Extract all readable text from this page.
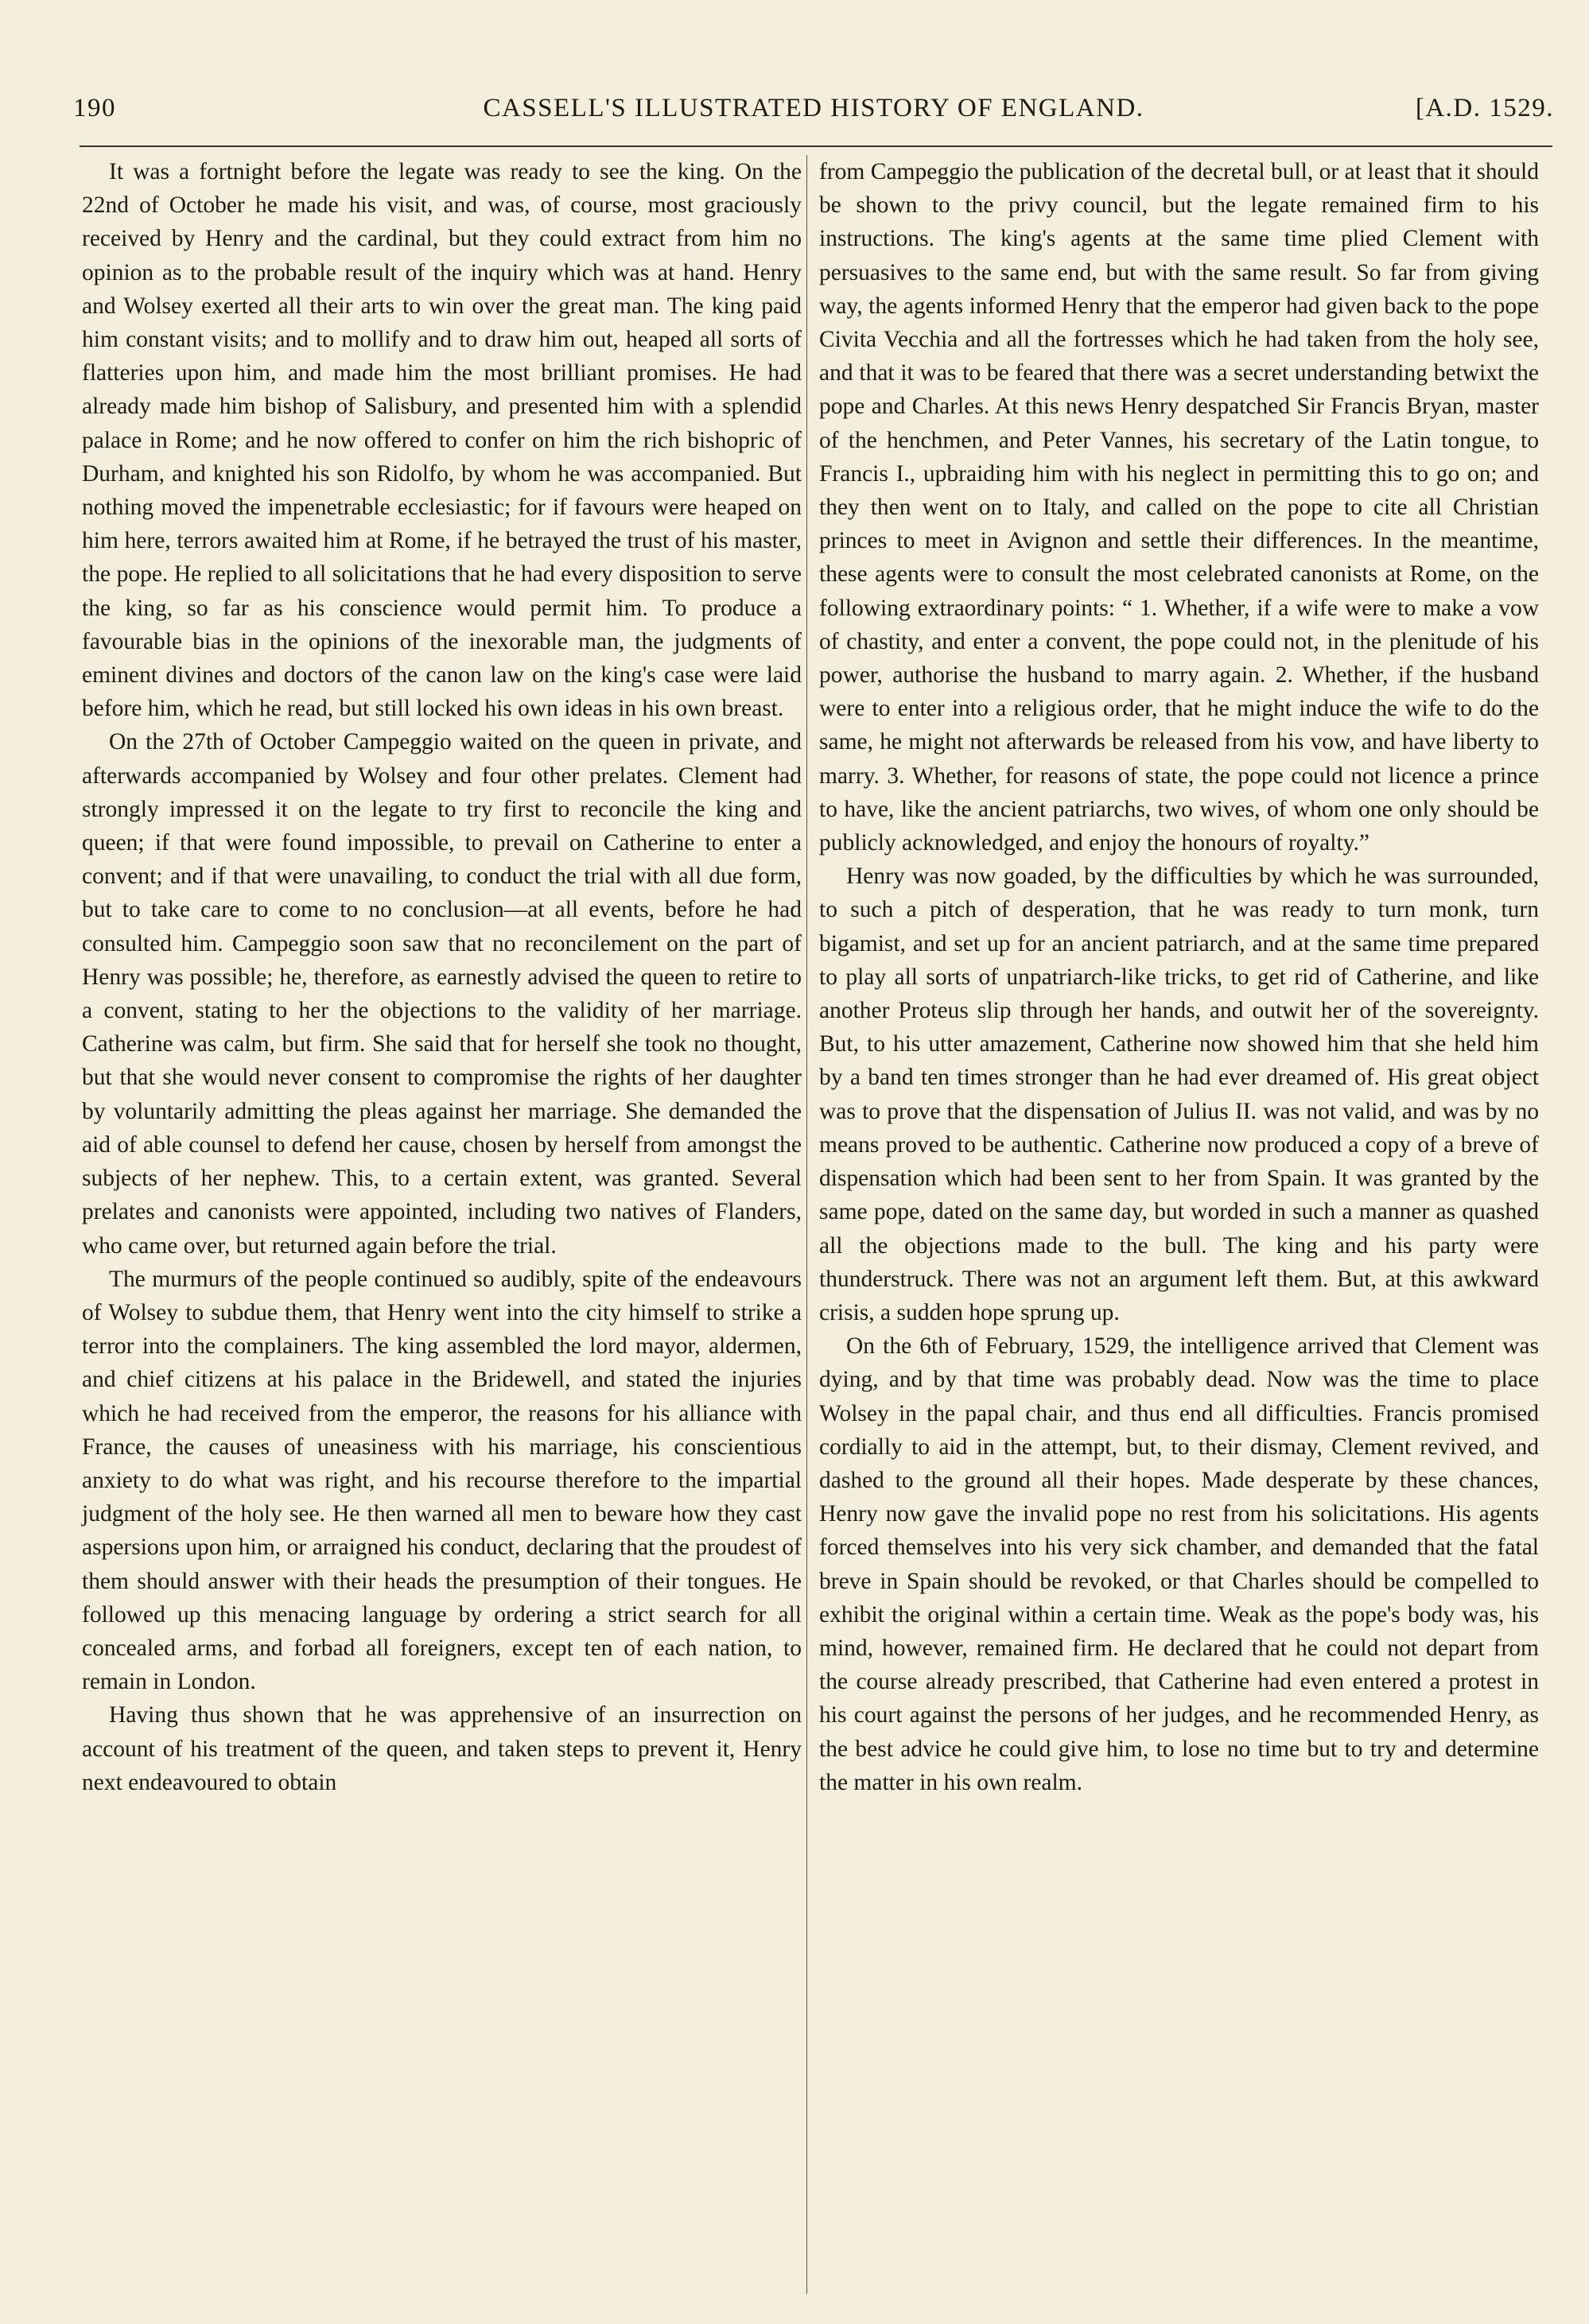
190	CASSELL'S ILLUSTRATED HISTORY OF ENGLAND.	[A.D. 1529.

It was a fortnight before the legate was ready to see the king. On the 22nd of October he made his visit, and was, of course, most graciously received by Henry and the cardinal, but they could extract from him no opinion as to the probable result of the inquiry which was at hand. Henry and Wolsey exerted all their arts to win over the great man. The king paid him constant visits; and to mollify and to draw him out, heaped all sorts of flatteries upon him, and made him the most brilliant promises. He had already made him bishop of Salisbury, and presented him with a splendid palace in Rome; and he now offered to confer on him the rich bishopric of Durham, and knighted his son Ridolfo, by whom he was accompanied. But nothing moved the impenetrable ecclesiastic; for if favours were heaped on him here, terrors awaited him at Rome, if he betrayed the trust of his master, the pope. He replied to all solicitations that he had every disposition to serve the king, so far as his conscience would permit him. To produce a favourable bias in the opinions of the inexorable man, the judgments of eminent divines and doctors of the canon law on the king's case were laid before him, which he read, but still locked his own ideas in his own breast.

On the 27th of October Campeggio waited on the queen in private, and afterwards accompanied by Wolsey and four other prelates. Clement had strongly impressed it on the legate to try first to reconcile the king and queen; if that were found impossible, to prevail on Catherine to enter a convent; and if that were unavailing, to conduct the trial with all due form, but to take care to come to no conclusion—at all events, before he had consulted him. Campeggio soon saw that no reconcilement on the part of Henry was possible; he, therefore, as earnestly advised the queen to retire to a convent, stating to her the objections to the validity of her marriage. Catherine was calm, but firm. She said that for herself she took no thought, but that she would never consent to compromise the rights of her daughter by voluntarily admitting the pleas against her marriage. She demanded the aid of able counsel to defend her cause, chosen by herself from amongst the subjects of her nephew. This, to a certain extent, was granted. Several prelates and canonists were appointed, including two natives of Flanders, who came over, but returned again before the trial.

The murmurs of the people continued so audibly, spite of the endeavours of Wolsey to subdue them, that Henry went into the city himself to strike a terror into the complainers. The king assembled the lord mayor, aldermen, and chief citizens at his palace in the Bridewell, and stated the injuries which he had received from the emperor, the reasons for his alliance with France, the causes of uneasiness with his marriage, his conscientious anxiety to do what was right, and his recourse therefore to the impartial judgment of the holy see. He then warned all men to beware how they cast aspersions upon him, or arraigned his conduct, declaring that the proudest of them should answer with their heads the presumption of their tongues. He followed up this menacing language by ordering a strict search for all concealed arms, and forbad all foreigners, except ten of each nation, to remain in London.

Having thus shown that he was apprehensive of an insurrection on account of his treatment of the queen, and taken steps to prevent it, Henry next endeavoured to obtain

from Campeggio the publication of the decretal bull, or at least that it should be shown to the privy council, but the legate remained firm to his instructions. The king's agents at the same time plied Clement with persuasives to the same end, but with the same result. So far from giving way, the agents informed Henry that the emperor had given back to the pope Civita Vecchia and all the fortresses which he had taken from the holy see, and that it was to be feared that there was a secret understanding betwixt the pope and Charles. At this news Henry despatched Sir Francis Bryan, master of the henchmen, and Peter Vannes, his secretary of the Latin tongue, to Francis I., upbraiding him with his neglect in permitting this to go on; and they then went on to Italy, and called on the pope to cite all Christian princes to meet in Avignon and settle their differences. In the meantime, these agents were to consult the most celebrated canonists at Rome, on the following extraordinary points: “ 1. Whether, if a wife were to make a vow of chastity, and enter a convent, the pope could not, in the plenitude of his power, authorise the husband to marry again. 2. Whether, if the husband were to enter into a religious order, that he might induce the wife to do the same, he might not afterwards be released from his vow, and have liberty to marry. 3. Whether, for reasons of state, the pope could not licence a prince to have, like the ancient patriarchs, two wives, of whom one only should be publicly acknowledged, and enjoy the honours of royalty.”

Henry was now goaded, by the difficulties by which he was surrounded, to such a pitch of desperation, that he was ready to turn monk, turn bigamist, and set up for an ancient patriarch, and at the same time prepared to play all sorts of unpatriarch-like tricks, to get rid of Catherine, and like another Proteus slip through her hands, and outwit her of the sovereignty. But, to his utter amazement, Catherine now showed him that she held him by a band ten times stronger than he had ever dreamed of. His great object was to prove that the dispensation of Julius II. was not valid, and was by no means proved to be authentic. Catherine now produced a copy of a breve of dispensation which had been sent to her from Spain. It was granted by the same pope, dated on the same day, but worded in such a manner as quashed all the objections made to the bull. The king and his party were thunderstruck. There was not an argument left them. But, at this awkward crisis, a sudden hope sprung up.

On the 6th of February, 1529, the intelligence arrived that Clement was dying, and by that time was probably dead. Now was the time to place Wolsey in the papal chair, and thus end all difficulties. Francis promised cordially to aid in the attempt, but, to their dismay, Clement revived, and dashed to the ground all their hopes. Made desperate by these chances, Henry now gave the invalid pope no rest from his solicitations. His agents forced themselves into his very sick chamber, and demanded that the fatal breve in Spain should be revoked, or that Charles should be compelled to exhibit the original within a certain time. Weak as the pope's body was, his mind, however, remained firm. He declared that he could not depart from the course already prescribed, that Catherine had even entered a protest in his court against the persons of her judges, and he recommended Henry, as the best advice he could give him, to lose no time but to try and determine the matter in his own realm.
